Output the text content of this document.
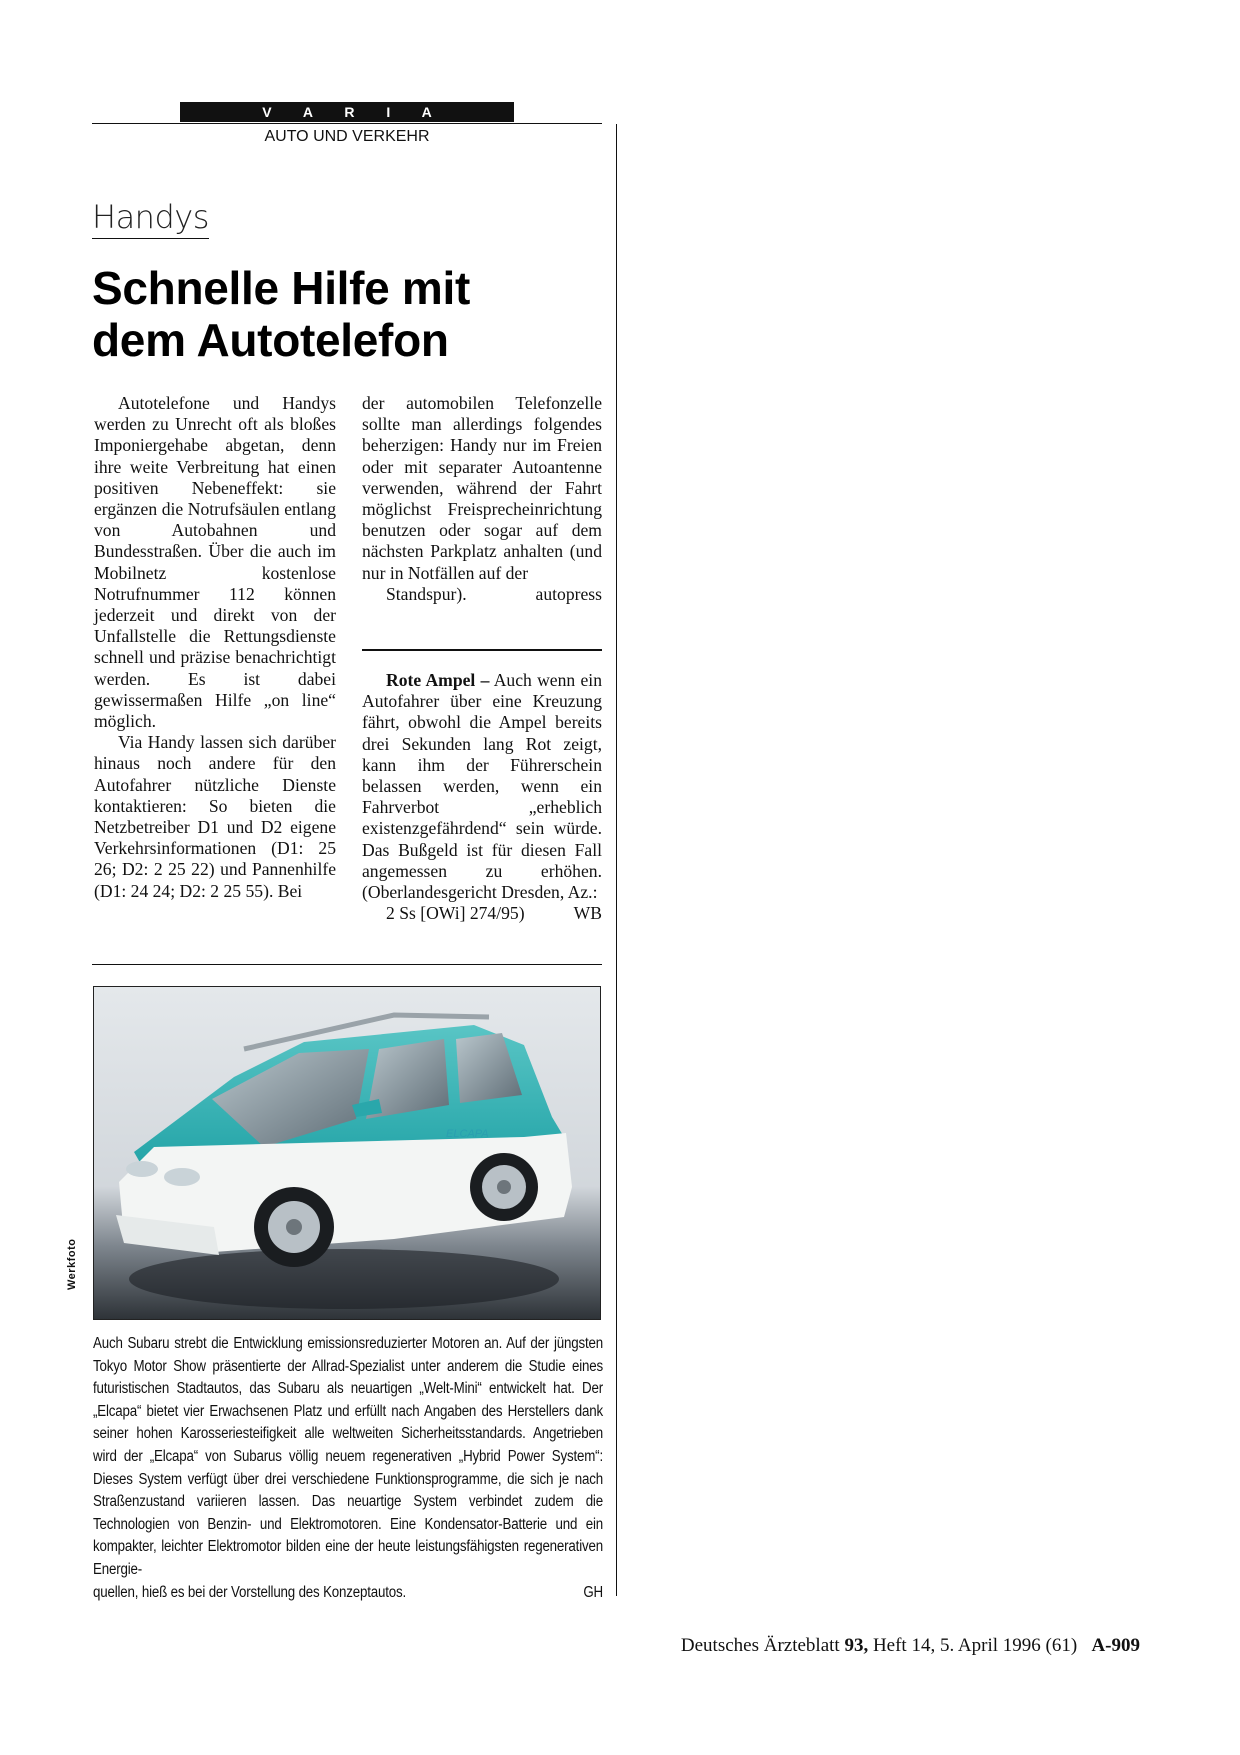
V A R I A
AUTO UND VERKEHR
Handys
Schnelle Hilfe mit
dem Autotelefon

Autotelefone und Handys werden zu Unrecht oft als bloßes Imponiergehabe abgetan, denn ihre weite Verbreitung hat einen positiven Nebeneffekt: sie ergänzen die Notrufsäulen entlang von Autobahnen und Bundesstraßen. Über die auch im Mobilnetz kostenlose Notrufnummer 112 können jederzeit und direkt von der Unfallstelle die Rettungsdienste schnell und präzise benachrichtigt werden. Es ist dabei gewissermaßen Hilfe „on line“ möglich.

Via Handy lassen sich darüber hinaus noch andere für den Autofahrer nützliche Dienste kontaktieren: So bieten die Netzbetreiber D1 und D2 eigene Verkehrsinformationen (D1: 25 26; D2: 2 25 22) und Pannenhilfe (D1: 24 24; D2: 2 25 55). Bei

der automobilen Telefonzelle sollte man allerdings folgendes beherzigen: Handy nur im Freien oder mit separater Autoantenne verwenden, während der Fahrt möglichst Freisprecheinrichtung benutzen oder sogar auf dem nächsten Parkplatz anhalten (und nur in Notfällen auf der

Standspur).	autopress

Rote Ampel – Auch wenn ein Autofahrer über eine Kreuzung fährt, obwohl die Ampel bereits drei Sekunden lang Rot zeigt, kann ihm der Führerschein belassen werden, wenn ein Fahrverbot „erheblich existenzgefährdend“ sein würde. Das Bußgeld ist für diesen Fall angemessen zu erhöhen. (Oberlandesgericht Dresden, Az.:

2 Ss [OWi] 274/95)	WB

ELCAPA
Werkfoto
Auch Subaru strebt die Entwicklung emissionsreduzierter Motoren an. Auf der jüngsten Tokyo Motor Show präsentierte der Allrad-Spezialist unter anderem die Studie eines futuristischen Stadtautos, das Subaru als neuartigen „Welt-Mini“ entwickelt hat. Der „Elcapa“ bietet vier Erwachsenen Platz und erfüllt nach Angaben des Herstellers dank seiner hohen Karosseriesteifigkeit alle weltweiten Sicherheitsstandards. Angetrieben wird der „Elcapa“ von Subarus völlig neuem regenerativen „Hybrid Power System“: Dieses System verfügt über drei verschiedene Funktionsprogramme, die sich je nach Straßenzustand variieren lassen. Das neuartige System verbindet zudem die Technologien von Benzin- und Elektromotoren. Eine Kondensator-Batterie und ein kompakter, leichter Elektromotor bilden eine der heute leistungsfähigsten regenerativen Energie-
quellen, hieß es bei der Vorstellung des Konzeptautos.	GH
Deutsches Ärzteblatt 93, Heft 14, 5. April 1996 (61) A-909
